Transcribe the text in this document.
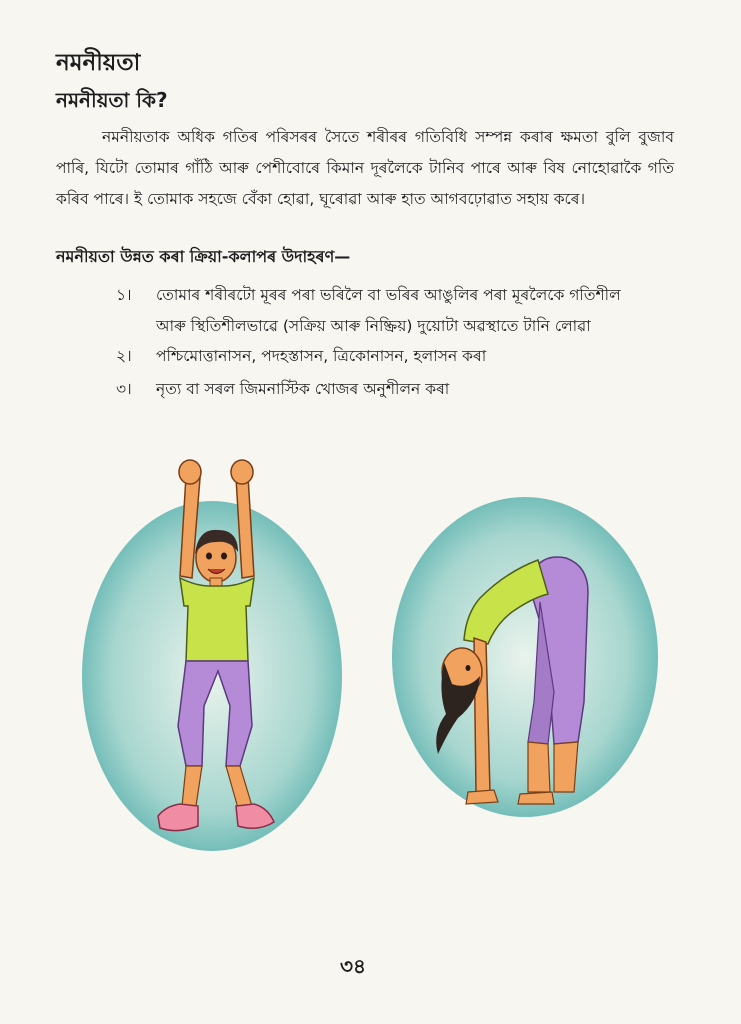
নমনীয়তা
নমনীয়তা কি?
নমনীয়তাক অধিক গতিৰ পৰিসৰৰ সৈতে শৰীৰৰ গতিবিধি সম্পন্ন কৰাৰ ক্ষমতা বুলি বুজাব পাৰি, যিটো তোমাৰ গাঁঠি আৰু পেশীবোৰে কিমান দূৰলৈকে টানিব পাৰে আৰু বিষ নোহোৱাকৈ গতি কৰিব পাৰে। ই তোমাক সহজে বেঁকা হোৱা, ঘূৰোৱা আৰু হাত আগবঢ়োৱাত সহায় কৰে।
নমনীয়তা উন্নত কৰা ক্ৰিয়া-কলাপৰ উদাহৰণ—
১। তোমাৰ শৰীৰটো মূৰৰ পৰা ভৰিলৈ বা ভৰিৰ আঙুলিৰ পৰা মূৰলৈকে গতিশীল
আৰু স্থিতিশীলভাৱে (সক্ৰিয় আৰু নিষ্ক্ৰিয়) দুয়োটা অৱস্থাতে টানি লোৱা
২। পশ্চিমোত্তানাসন, পদহস্তাসন, ত্ৰিকোনাসন, হলাসন কৰা
৩। নৃত্য বা সৰল জিমনাস্টিক খোজৰ অনুশীলন কৰা
৩৪
